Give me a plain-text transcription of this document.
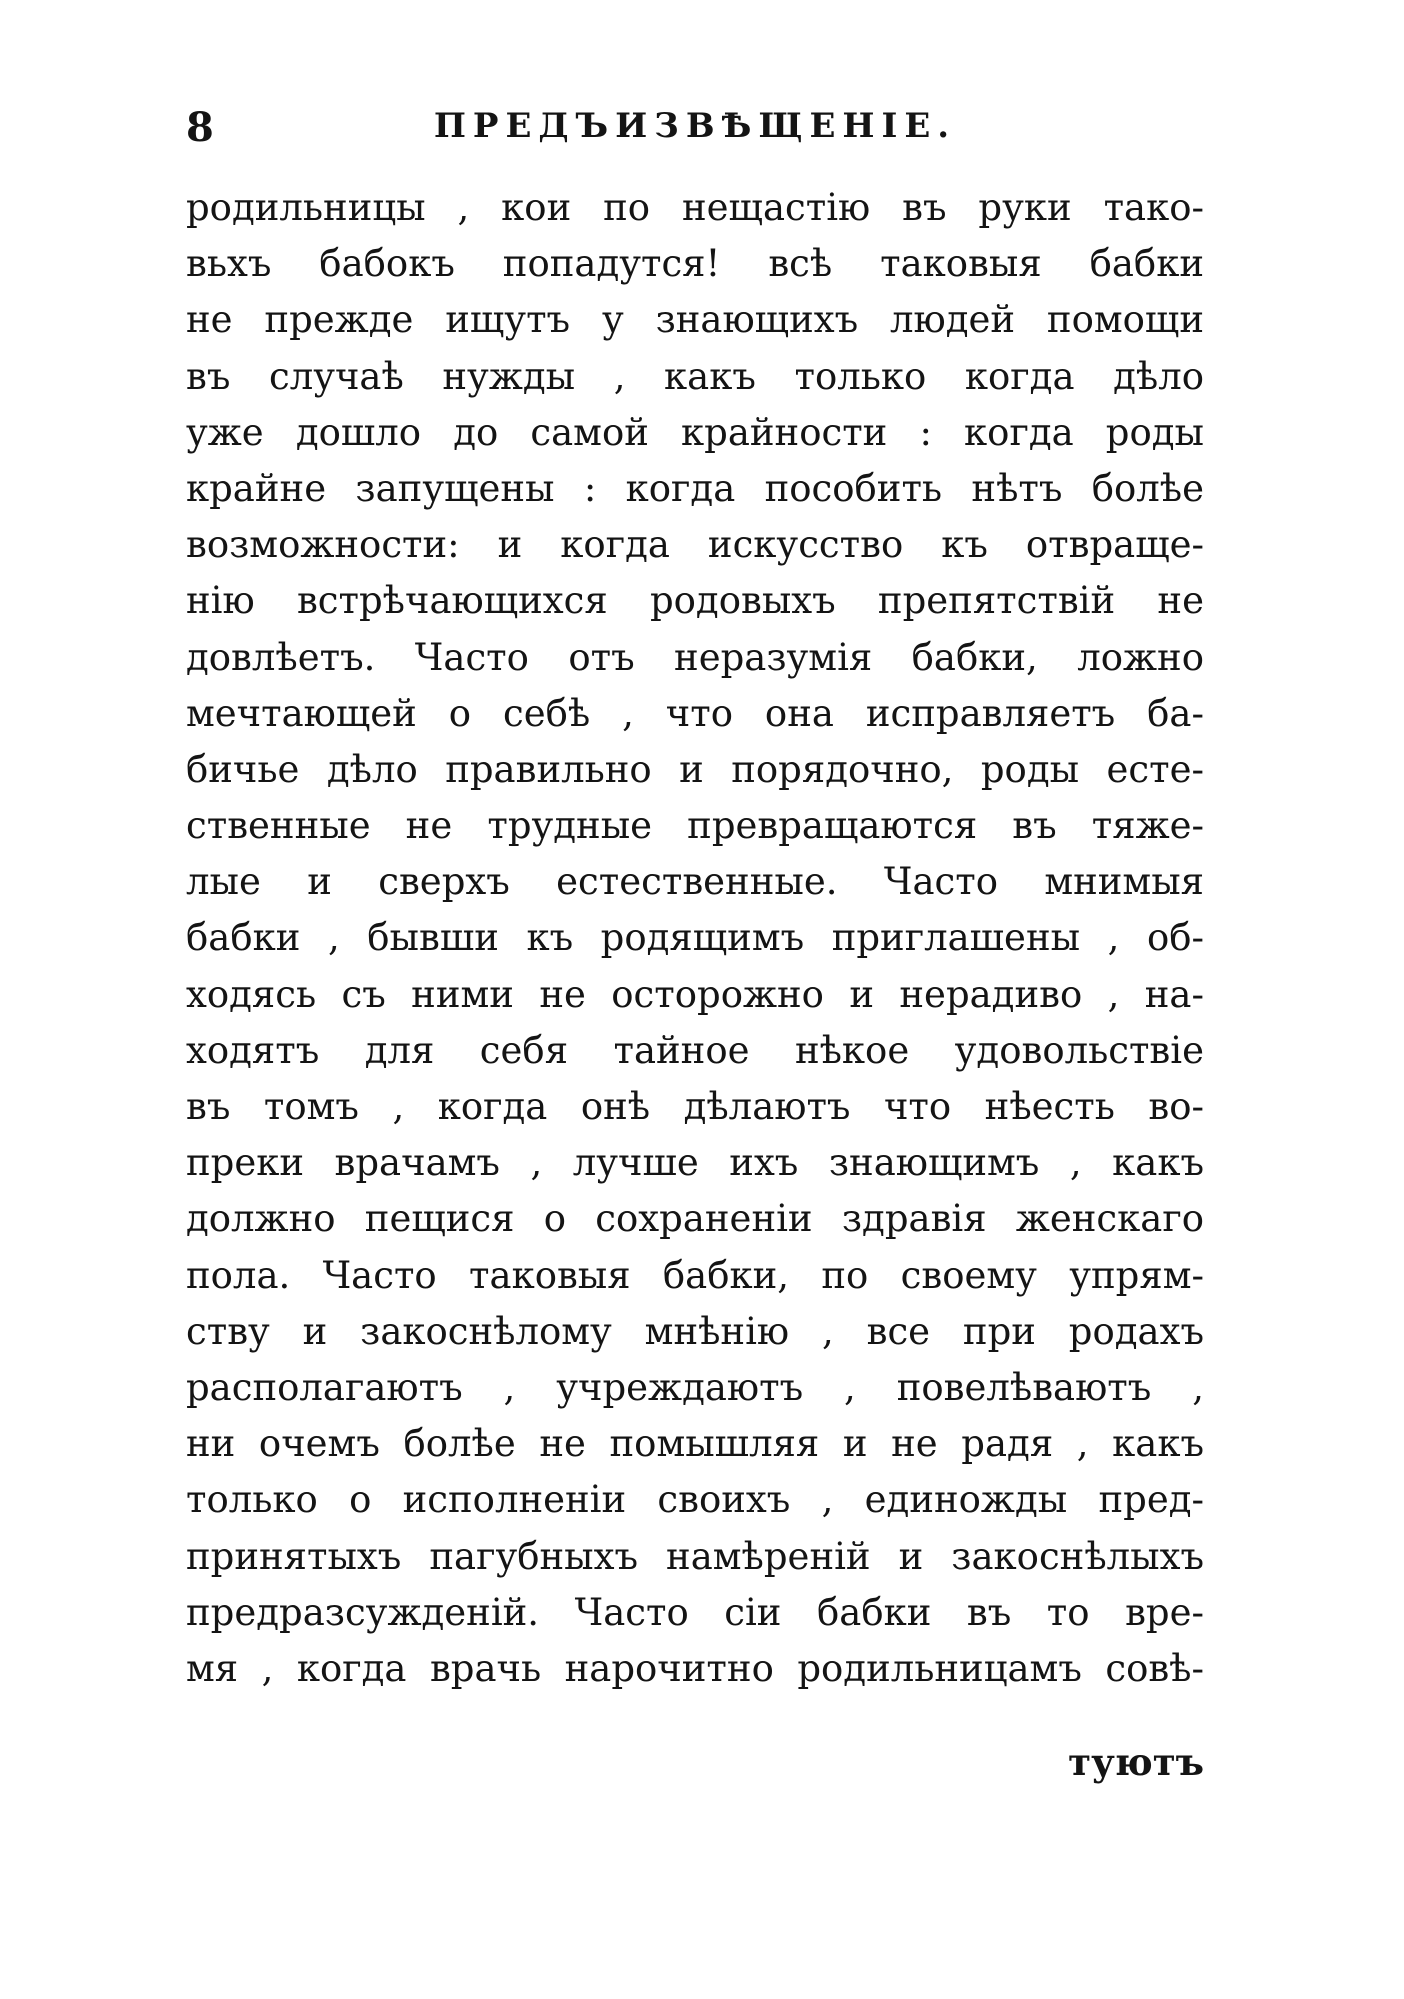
8	ПРЕДЪИЗВѢЩЕНІЕ.
родильницы , кои по нещастію въ руки тако-
вьхъ бабокъ попадутся! всѣ таковыя бабки
не прежде ищутъ у знающихъ людей помощи
въ случаѣ нужды , какъ только когда дѣло
уже дошло до самой крайности : когда роды
крайне запущены : когда пособить нѣтъ болѣе
возможности: и когда искусство къ отвраще-
нію встрѣчающихся родовыхъ препятствій не
довлѣетъ. Часто отъ неразумія бабки, ложно
мечтающей о себѣ , что она исправляетъ ба-
бичье дѣло правильно и порядочно, роды есте-
ственные не трудные превращаются въ тяже-
лые и сверхъ естественные. Часто мнимыя
бабки , бывши къ родящимъ приглашены , об-
ходясь съ ними не осторожно и нерадиво , на-
ходятъ для себя тайное нѣкое удовольствіе
въ томъ , когда онѣ дѣлаютъ что нѣесть во-
преки врачамъ , лучше ихъ знающимъ , какъ
должно пещися о сохраненіи здравія женскаго
пола. Часто таковыя бабки, по своему упрям-
ству и закоснѣлому мнѣнію , все при родахъ
располагаютъ , учреждаютъ , повелѣваютъ ,
ни очемъ болѣе не помышляя и не радя , какъ
только о исполненіи своихъ , единожды пред-
принятыхъ пагубныхъ намѣреній и закоснѣлыхъ
предразсужденій. Часто сіи бабки въ то вре-
мя , когда врачь нарочитно родильницамъ совѣ-
туютъ
